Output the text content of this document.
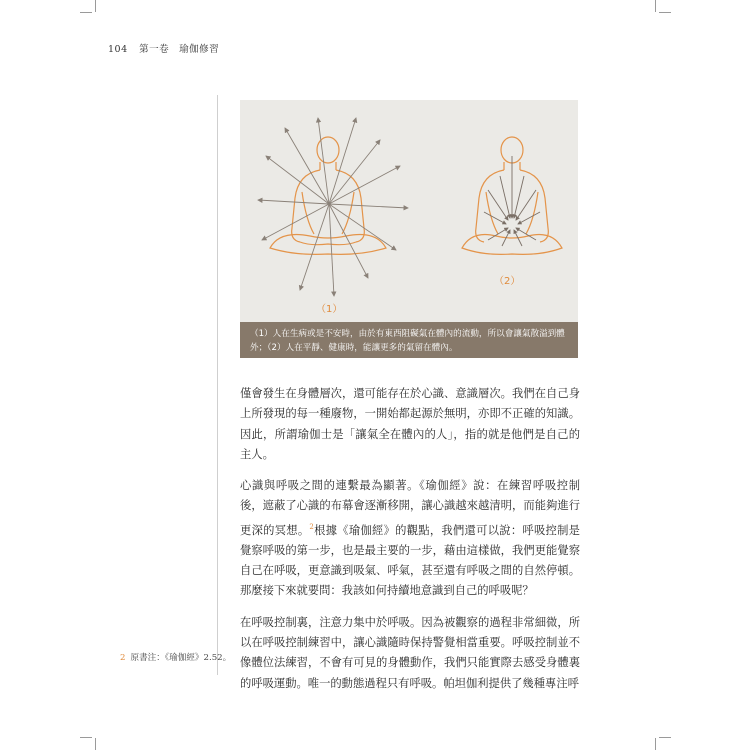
104 第一卷　瑜伽修習
（1）
（2）
（1）人在生病或是不安時，由於有東西阻礙氣在體內的流動，所以會讓氣散溢到體外；（2）人在平靜、健康時，能讓更多的氣留在體內。

僅會發生在身體層次，還可能存在於心識、意識層次。我們在自己身上所發現的每一種廢物，一開始都起源於無明，亦即不正確的知識。因此，所謂瑜伽士是「讓氣全在體內的人」，指的就是他們是自己的主人。

心識與呼吸之間的連繫最為顯著。《瑜伽經》說：在練習呼吸控制後，遮蔽了心識的布幕會逐漸移開，讓心識越來越清明，而能夠進行更深的冥想。$^2$根據《瑜伽經》的觀點，我們還可以說：呼吸控制是覺察呼吸的第一步，也是最主要的一步，藉由這樣做，我們更能覺察自己在呼吸，更意識到吸氣、呼氣，甚至還有呼吸之間的自然停頓。那麼接下來就要問：我該如何持續地意識到自己的呼吸呢？

在呼吸控制裏，注意力集中於呼吸。因為被觀察的過程非常細微，所以在呼吸控制練習中，讓心識隨時保持警覺相當重要。呼吸控制並不像體位法練習，不會有可見的身體動作，我們只能實際去感受身體裏的呼吸運動。唯一的動態過程只有呼吸。帕坦伽利提供了幾種專注呼

2 原書注：《瑜伽經》2.52。
